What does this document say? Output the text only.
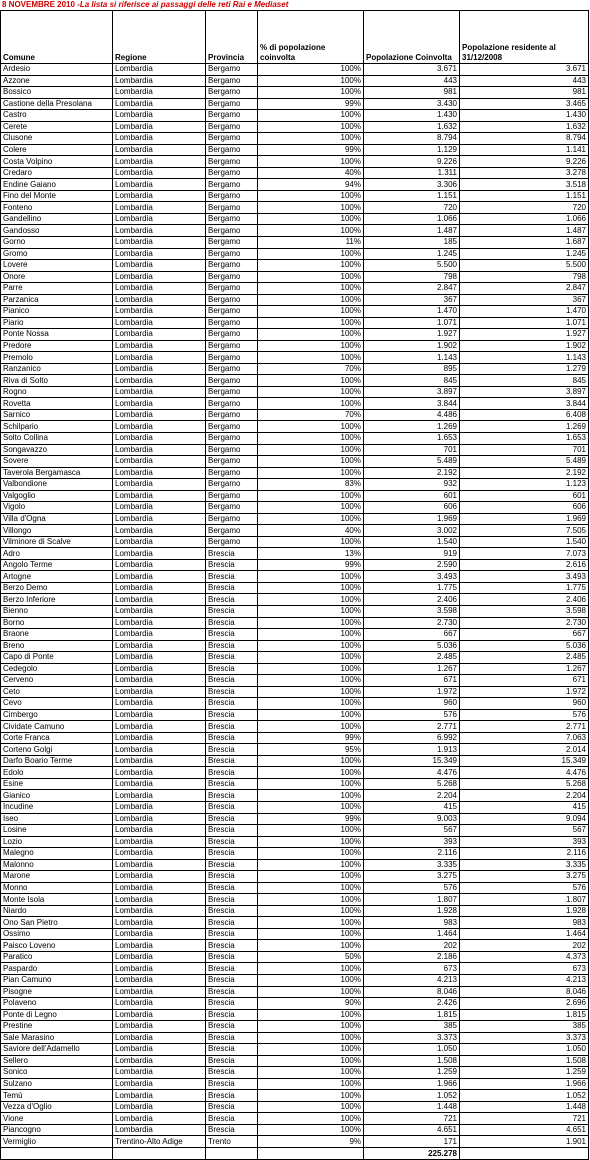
8 NOVEMBRE 2010 -La lista si riferisce ai passaggi delle reti Rai e Mediaset
Comune	Regione	Provincia	% di popolazione coinvolta	Popolazione Coinvolta	Popolazione residente al 31/12/2008
Ardesio	Lombardia	Bergamo	100%	3.671	3.671
Azzone	Lombardia	Bergamo	100%	443	443
Bossico	Lombardia	Bergamo	100%	981	981
Castione della Presolana	Lombardia	Bergamo	99%	3.430	3.465
Castro	Lombardia	Bergamo	100%	1.430	1.430
Cerete	Lombardia	Bergamo	100%	1.632	1.632
Clusone	Lombardia	Bergamo	100%	8.794	8.794
Colere	Lombardia	Bergamo	99%	1.129	1.141
Costa Volpino	Lombardia	Bergamo	100%	9.226	9.226
Credaro	Lombardia	Bergamo	40%	1.311	3.278
Endine Gaiano	Lombardia	Bergamo	94%	3.306	3.518
Fino del Monte	Lombardia	Bergamo	100%	1.151	1.151
Fonteno	Lombardia	Bergamo	100%	720	720
Gandellino	Lombardia	Bergamo	100%	1.066	1.066
Gandosso	Lombardia	Bergamo	100%	1.487	1.487
Gorno	Lombardia	Bergamo	11%	185	1.687
Gromo	Lombardia	Bergamo	100%	1.245	1.245
Lovere	Lombardia	Bergamo	100%	5.500	5.500
Onore	Lombardia	Bergamo	100%	798	798
Parre	Lombardia	Bergamo	100%	2.847	2.847
Parzanica	Lombardia	Bergamo	100%	367	367
Pianico	Lombardia	Bergamo	100%	1.470	1.470
Piario	Lombardia	Bergamo	100%	1.071	1.071
Ponte Nossa	Lombardia	Bergamo	100%	1.927	1.927
Predore	Lombardia	Bergamo	100%	1.902	1.902
Premolo	Lombardia	Bergamo	100%	1.143	1.143
Ranzanico	Lombardia	Bergamo	70%	895	1.279
Riva di Solto	Lombardia	Bergamo	100%	845	845
Rogno	Lombardia	Bergamo	100%	3.897	3.897
Rovetta	Lombardia	Bergamo	100%	3.844	3.844
Sarnico	Lombardia	Bergamo	70%	4.486	6.408
Schilpario	Lombardia	Bergamo	100%	1.269	1.269
Solto Collina	Lombardia	Bergamo	100%	1.653	1.653
Songavazzo	Lombardia	Bergamo	100%	701	701
Sovere	Lombardia	Bergamo	100%	5.489	5.489
Taverola Bergamasca	Lombardia	Bergamo	100%	2.192	2.192
Valbondione	Lombardia	Bergamo	83%	932	1.123
Valgoglio	Lombardia	Bergamo	100%	601	601
Vigolo	Lombardia	Bergamo	100%	606	606
Villa d'Ogna	Lombardia	Bergamo	100%	1.969	1.969
Villongo	Lombardia	Bergamo	40%	3.002	7.505
Vilminore di Scalve	Lombardia	Bergamo	100%	1.540	1.540
Adro	Lombardia	Brescia	13%	919	7.073
Angolo Terme	Lombardia	Brescia	99%	2.590	2.616
Artogne	Lombardia	Brescia	100%	3.493	3.493
Berzo Demo	Lombardia	Brescia	100%	1.775	1.775
Berzo Inferiore	Lombardia	Brescia	100%	2.406	2.406
Bienno	Lombardia	Brescia	100%	3.598	3.598
Borno	Lombardia	Brescia	100%	2.730	2.730
Braone	Lombardia	Brescia	100%	667	667
Breno	Lombardia	Brescia	100%	5.036	5.036
Capo di Ponte	Lombardia	Brescia	100%	2.485	2.485
Cedegolo	Lombardia	Brescia	100%	1.267	1.267
Cerveno	Lombardia	Brescia	100%	671	671
Ceto	Lombardia	Brescia	100%	1.972	1.972
Cevo	Lombardia	Brescia	100%	960	960
Cimbergo	Lombardia	Brescia	100%	576	576
Cividate Camuno	Lombardia	Brescia	100%	2.771	2.771
Corte Franca	Lombardia	Brescia	99%	6.992	7.063
Corteno Golgi	Lombardia	Brescia	95%	1.913	2.014
Darfo Boario Terme	Lombardia	Brescia	100%	15.349	15.349
Edolo	Lombardia	Brescia	100%	4.476	4.476
Esine	Lombardia	Brescia	100%	5.268	5.268
Gianico	Lombardia	Brescia	100%	2.204	2.204
Incudine	Lombardia	Brescia	100%	415	415
Iseo	Lombardia	Brescia	99%	9.003	9.094
Losine	Lombardia	Brescia	100%	567	567
Lozio	Lombardia	Brescia	100%	393	393
Malegno	Lombardia	Brescia	100%	2.116	2.116
Malonno	Lombardia	Brescia	100%	3.335	3.335
Marone	Lombardia	Brescia	100%	3.275	3.275
Monno	Lombardia	Brescia	100%	576	576
Monte Isola	Lombardia	Brescia	100%	1.807	1.807
Niardo	Lombardia	Brescia	100%	1.928	1.928
Ono San Pietro	Lombardia	Brescia	100%	983	983
Ossimo	Lombardia	Brescia	100%	1.464	1.464
Paisco Loveno	Lombardia	Brescia	100%	202	202
Paratico	Lombardia	Brescia	50%	2.186	4.373
Paspardo	Lombardia	Brescia	100%	673	673
Pian Camuno	Lombardia	Brescia	100%	4.213	4.213
Pisogne	Lombardia	Brescia	100%	8.046	8.046
Polaveno	Lombardia	Brescia	90%	2.426	2.696
Ponte di Legno	Lombardia	Brescia	100%	1.815	1.815
Prestine	Lombardia	Brescia	100%	385	385
Sale Marasino	Lombardia	Brescia	100%	3.373	3.373
Saviore dell'Adamello	Lombardia	Brescia	100%	1.050	1.050
Sellero	Lombardia	Brescia	100%	1.508	1.508
Sonico	Lombardia	Brescia	100%	1.259	1.259
Sulzano	Lombardia	Brescia	100%	1.966	1.966
Temù	Lombardia	Brescia	100%	1.052	1.052
Vezza d'Oglio	Lombardia	Brescia	100%	1.448	1.448
Vione	Lombardia	Brescia	100%	721	721
Piancogno	Lombardia	Brescia	100%	4.651	4.651
Vermiglio	Trentino-Alto Adige	Trento	9%	171	1.901
				225.278	
